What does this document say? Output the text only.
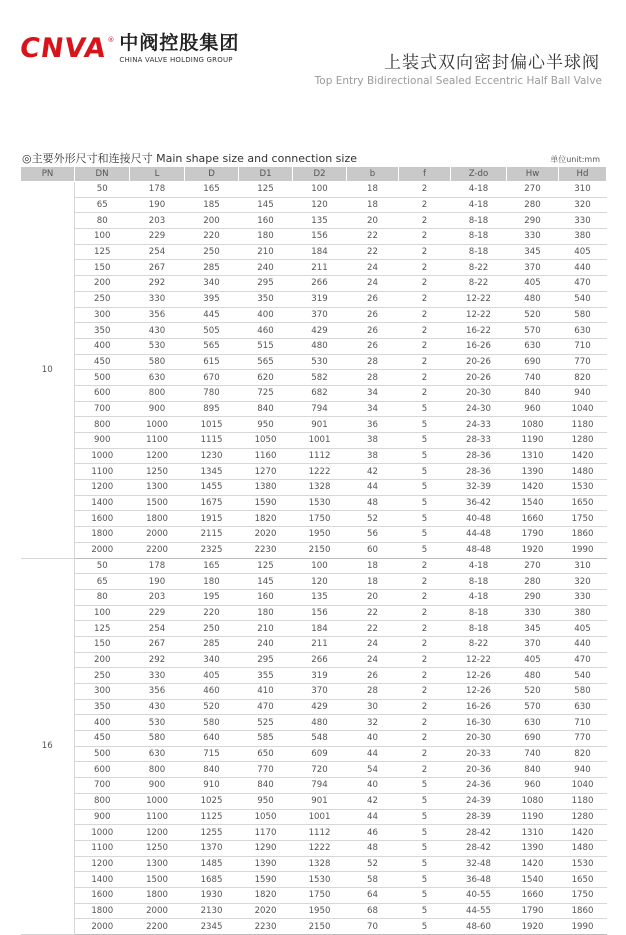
CNVA
® 中阀控股集团
CHINA VALVE HOLDING GROUP	上装式双向密封偏心半球阀
Top Entry Bidirectional Sealed Eccentric Half Ball Valve
◎主要外形尺寸和连接尺寸 Main shape size and connection size	单位unit:mm
PN	DN	L	D	D1	D2	b	f	Z-do	Hw	Hd
10	50	178	165	125	100	18	2	4-18	270	310
	65	190	185	145	120	18	2	4-18	280	320
	80	203	200	160	135	20	2	8-18	290	330
	100	229	220	180	156	22	2	8-18	330	380
	125	254	250	210	184	22	2	8-18	345	405
	150	267	285	240	211	24	2	8-22	370	440
	200	292	340	295	266	24	2	8-22	405	470
	250	330	395	350	319	26	2	12-22	480	540
	300	356	445	400	370	26	2	12-22	520	580
	350	430	505	460	429	26	2	16-22	570	630
	400	530	565	515	480	26	2	16-26	630	710
	450	580	615	565	530	28	2	20-26	690	770
	500	630	670	620	582	28	2	20-26	740	820
	600	800	780	725	682	34	2	20-30	840	940
	700	900	895	840	794	34	5	24-30	960	1040
	800	1000	1015	950	901	36	5	24-33	1080	1180
	900	1100	1115	1050	1001	38	5	28-33	1190	1280
	1000	1200	1230	1160	1112	38	5	28-36	1310	1420
	1100	1250	1345	1270	1222	42	5	28-36	1390	1480
	1200	1300	1455	1380	1328	44	5	32-39	1420	1530
	1400	1500	1675	1590	1530	48	5	36-42	1540	1650
	1600	1800	1915	1820	1750	52	5	40-48	1660	1750
	1800	2000	2115	2020	1950	56	5	44-48	1790	1860
	2000	2200	2325	2230	2150	60	5	48-48	1920	1990
16	50	178	165	125	100	18	2	4-18	270	310
	65	190	180	145	120	18	2	8-18	280	320
	80	203	195	160	135	20	2	4-18	290	330
	100	229	220	180	156	22	2	8-18	330	380
	125	254	250	210	184	22	2	8-18	345	405
	150	267	285	240	211	24	2	8-22	370	440
	200	292	340	295	266	24	2	12-22	405	470
	250	330	405	355	319	26	2	12-26	480	540
	300	356	460	410	370	28	2	12-26	520	580
	350	430	520	470	429	30	2	16-26	570	630
	400	530	580	525	480	32	2	16-30	630	710
	450	580	640	585	548	40	2	20-30	690	770
	500	630	715	650	609	44	2	20-33	740	820
	600	800	840	770	720	54	2	20-36	840	940
	700	900	910	840	794	40	5	24-36	960	1040
	800	1000	1025	950	901	42	5	24-39	1080	1180
	900	1100	1125	1050	1001	44	5	28-39	1190	1280
	1000	1200	1255	1170	1112	46	5	28-42	1310	1420
	1100	1250	1370	1290	1222	48	5	28-42	1390	1480
	1200	1300	1485	1390	1328	52	5	32-48	1420	1530
	1400	1500	1685	1590	1530	58	5	36-48	1540	1650
	1600	1800	1930	1820	1750	64	5	40-55	1660	1750
	1800	2000	2130	2020	1950	68	5	44-55	1790	1860
	2000	2200	2345	2230	2150	70	5	48-60	1920	1990
